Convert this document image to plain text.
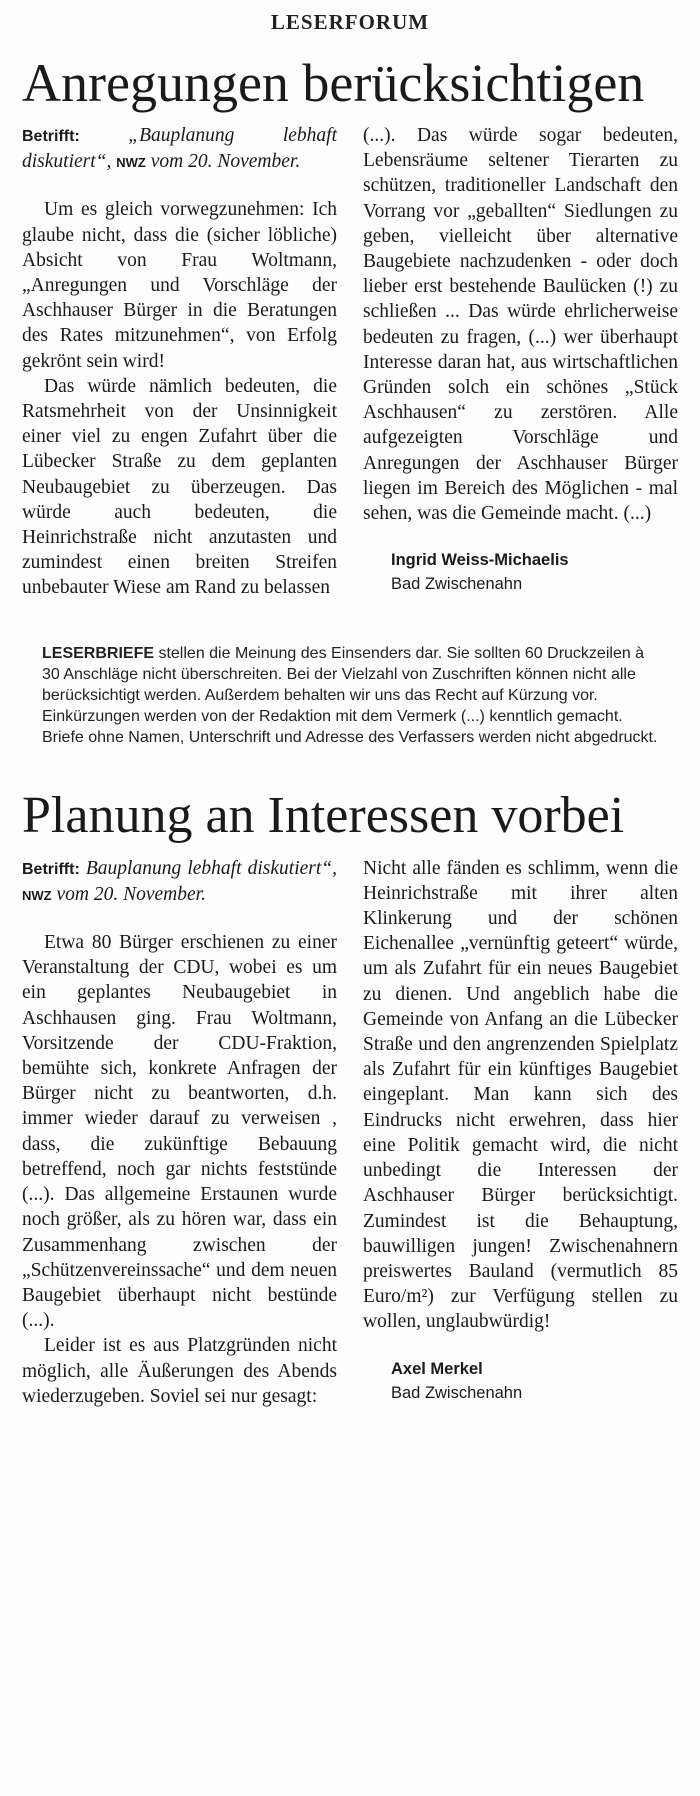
LESERFORUM
Anregungen berücksichtigen

Betrifft: „Bauplanung lebhaft diskutiert“, NWZ vom 20. November.

Um es gleich vorwegzunehmen: Ich glaube nicht, dass die (sicher löbliche) Absicht von Frau Woltmann, „Anregungen und Vorschläge der Aschhauser Bürger in die Beratungen des Rates mitzunehmen“, von Erfolg gekrönt sein wird!

Das würde nämlich bedeuten, die Ratsmehrheit von der Unsinnigkeit einer viel zu engen Zufahrt über die Lübecker Straße zu dem geplanten Neubaugebiet zu überzeugen. Das würde auch bedeuten, die Heinrichstraße nicht anzutasten und zumindest einen breiten Streifen unbebauter Wiese am Rand zu belassen

(...). Das würde sogar bedeuten, Lebensräume seltener Tierarten zu schützen, traditioneller Landschaft den Vorrang vor „geballten“ Siedlungen zu geben, vielleicht über alternative Baugebiete nachzudenken - oder doch lieber erst bestehende Baulücken (!) zu schließen ... Das würde ehrlicherweise bedeuten zu fragen, (...) wer überhaupt Interesse daran hat, aus wirtschaftlichen Gründen solch ein schönes „Stück Aschhausen“ zu zerstören. Alle aufgezeigten Vorschläge und Anregungen der Aschhauser Bürger liegen im Bereich des Möglichen - mal sehen, was die Gemeinde macht. (...)

Ingrid Weiss-Michaelis
Bad Zwischenahn
LESERBRIEFE stellen die Meinung des Einsenders dar. Sie sollten 60 Druckzeilen à 30 Anschläge nicht überschreiten. Bei der Vielzahl von Zuschriften können nicht alle berücksichtigt werden. Außerdem behalten wir uns das Recht auf Kürzung vor. Einkürzungen werden von der Redaktion mit dem Vermerk (...) kenntlich gemacht.
Briefe ohne Namen, Unterschrift und Adresse des Verfassers werden nicht abgedruckt.
Planung an Interessen vorbei

Betrifft: Bauplanung lebhaft diskutiert“, NWZ vom 20. November.

Etwa 80 Bürger erschienen zu einer Veranstaltung der CDU, wobei es um ein geplantes Neubaugebiet in Aschhausen ging. Frau Woltmann, Vorsitzende der CDU-Fraktion, bemühte sich, konkrete Anfragen der Bürger nicht zu beantworten, d.h. immer wieder darauf zu verweisen , dass, die zukünftige Bebauung betreffend, noch gar nichts feststünde (...). Das allgemeine Erstaunen wurde noch größer, als zu hören war, dass ein Zusammenhang zwischen der „Schützenvereinssache“ und dem neuen Baugebiet überhaupt nicht bestünde (...).

Leider ist es aus Platzgründen nicht möglich, alle Äußerungen des Abends wiederzugeben. Soviel sei nur gesagt:

Nicht alle fänden es schlimm, wenn die Heinrichstraße mit ihrer alten Klinkerung und der schönen Eichenallee „vernünftig geteert“ würde, um als Zufahrt für ein neues Baugebiet zu dienen. Und angeblich habe die Gemeinde von Anfang an die Lübecker Straße und den angrenzenden Spielplatz als Zufahrt für ein künftiges Baugebiet eingeplant. Man kann sich des Eindrucks nicht erwehren, dass hier eine Politik gemacht wird, die nicht unbedingt die Interessen der Aschhauser Bürger berücksichtigt. Zumindest ist die Behauptung, bauwilligen jungen! Zwischenahnern preiswertes Bauland (vermutlich 85 Euro/m²) zur Verfügung stellen zu wollen, unglaubwürdig!

Axel Merkel
Bad Zwischenahn
